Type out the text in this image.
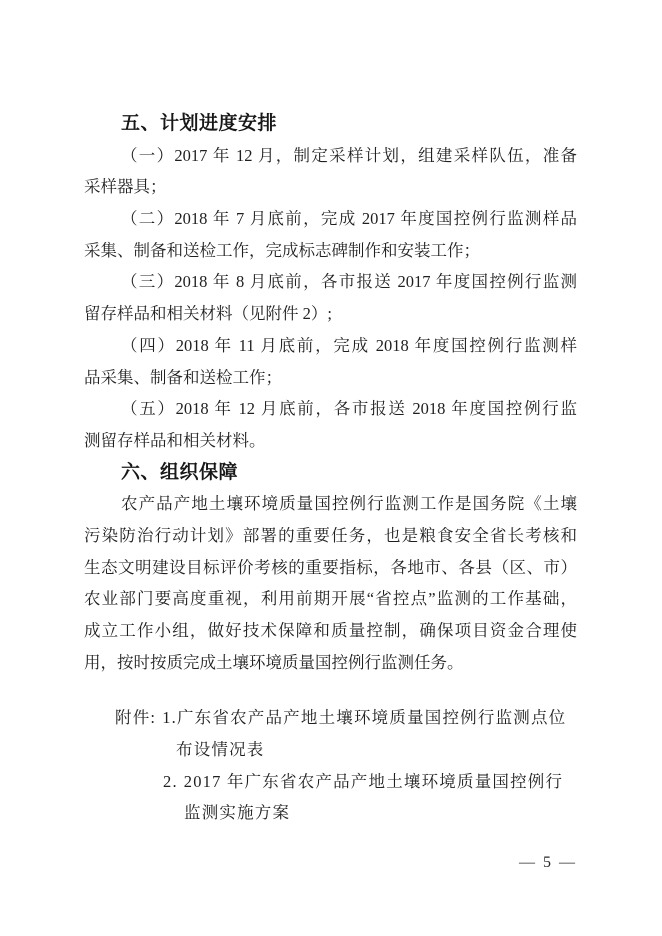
五、计划进度安排

（一）2017 年 12 月，制定采样计划，组建采样队伍，准备

采样器具；

（二）2018 年 7 月底前，完成 2017 年度国控例行监测样品

采集、制备和送检工作，完成标志碑制作和安装工作；

（三）2018 年 8 月底前，各市报送 2017 年度国控例行监测

留存样品和相关材料（见附件 2）;

（四）2018 年 11 月底前，完成 2018 年度国控例行监测样

品采集、制备和送检工作；

（五）2018 年 12 月底前，各市报送 2018 年度国控例行监

测留存样品和相关材料。

六、组织保障

农产品产地土壤环境质量国控例行监测工作是国务院《土壤

污染防治行动计划》部署的重要任务，也是粮食安全省长考核和

生态文明建设目标评价考核的重要指标，各地市、各县（区、市）

农业部门要高度重视，利用前期开展“省控点”监测的工作基础，

成立工作小组，做好技术保障和质量控制，确保项目资金合理使

用，按时按质完成土壤环境质量国控例行监测任务。

附件: 1.广东省农产品产地土壤环境质量国控例行监测点位

布设情况表

2. 2017 年广东省农产品产地土壤环境质量国控例行

监测实施方案

— 5 —
